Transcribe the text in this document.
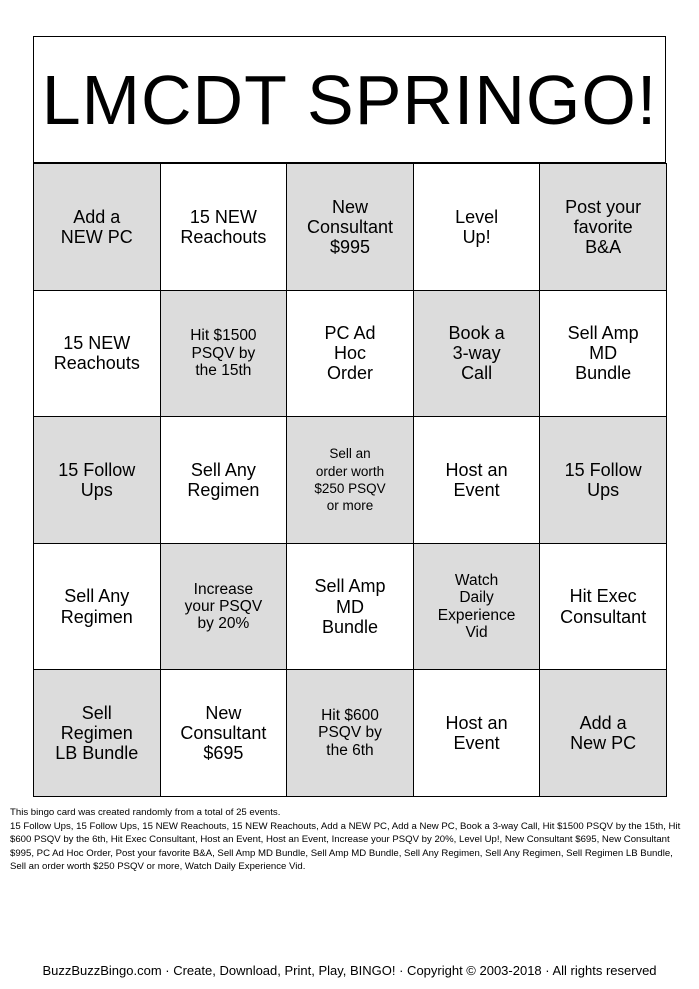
LMCDT SPRINGO!
Add a
NEW PC
15 NEW
Reachouts
New
Consultant
$995
Level
Up!
Post your
favorite
B&A
15 NEW
Reachouts
Hit $1500
PSQV by
the 15th
PC Ad
Hoc
Order
Book a
3-way
Call
Sell Amp
MD
Bundle
15 Follow
Ups
Sell Any
Regimen
Sell an
order worth
$250 PSQV
or more
Host an
Event
15 Follow
Ups
Sell Any
Regimen
Increase
your PSQV
by 20%
Sell Amp
MD
Bundle
Watch
Daily
Experience
Vid
Hit Exec
Consultant
Sell
Regimen
LB Bundle
New
Consultant
$695
Hit $600
PSQV by
the 6th
Host an
Event
Add a
New PC
This bingo card was created randomly from a total of 25 events.
15 Follow Ups, 15 Follow Ups, 15 NEW Reachouts, 15 NEW Reachouts, Add a NEW PC, Add a New PC, Book a 3-way Call, Hit $1500 PSQV by the 15th, Hit $600 PSQV by the 6th, Hit Exec Consultant, Host an Event, Host an Event, Increase your PSQV by 20%, Level Up!, New Consultant $695, New Consultant $995, PC Ad Hoc Order, Post your favorite B&A, Sell Amp MD Bundle, Sell Amp MD Bundle, Sell Any Regimen, Sell Any Regimen, Sell Regimen LB Bundle, Sell an order worth $250 PSQV or more, Watch Daily Experience Vid.
BuzzBuzzBingo.com · Create, Download, Print, Play, BINGO! · Copyright © 2003-2018 · All rights reserved
